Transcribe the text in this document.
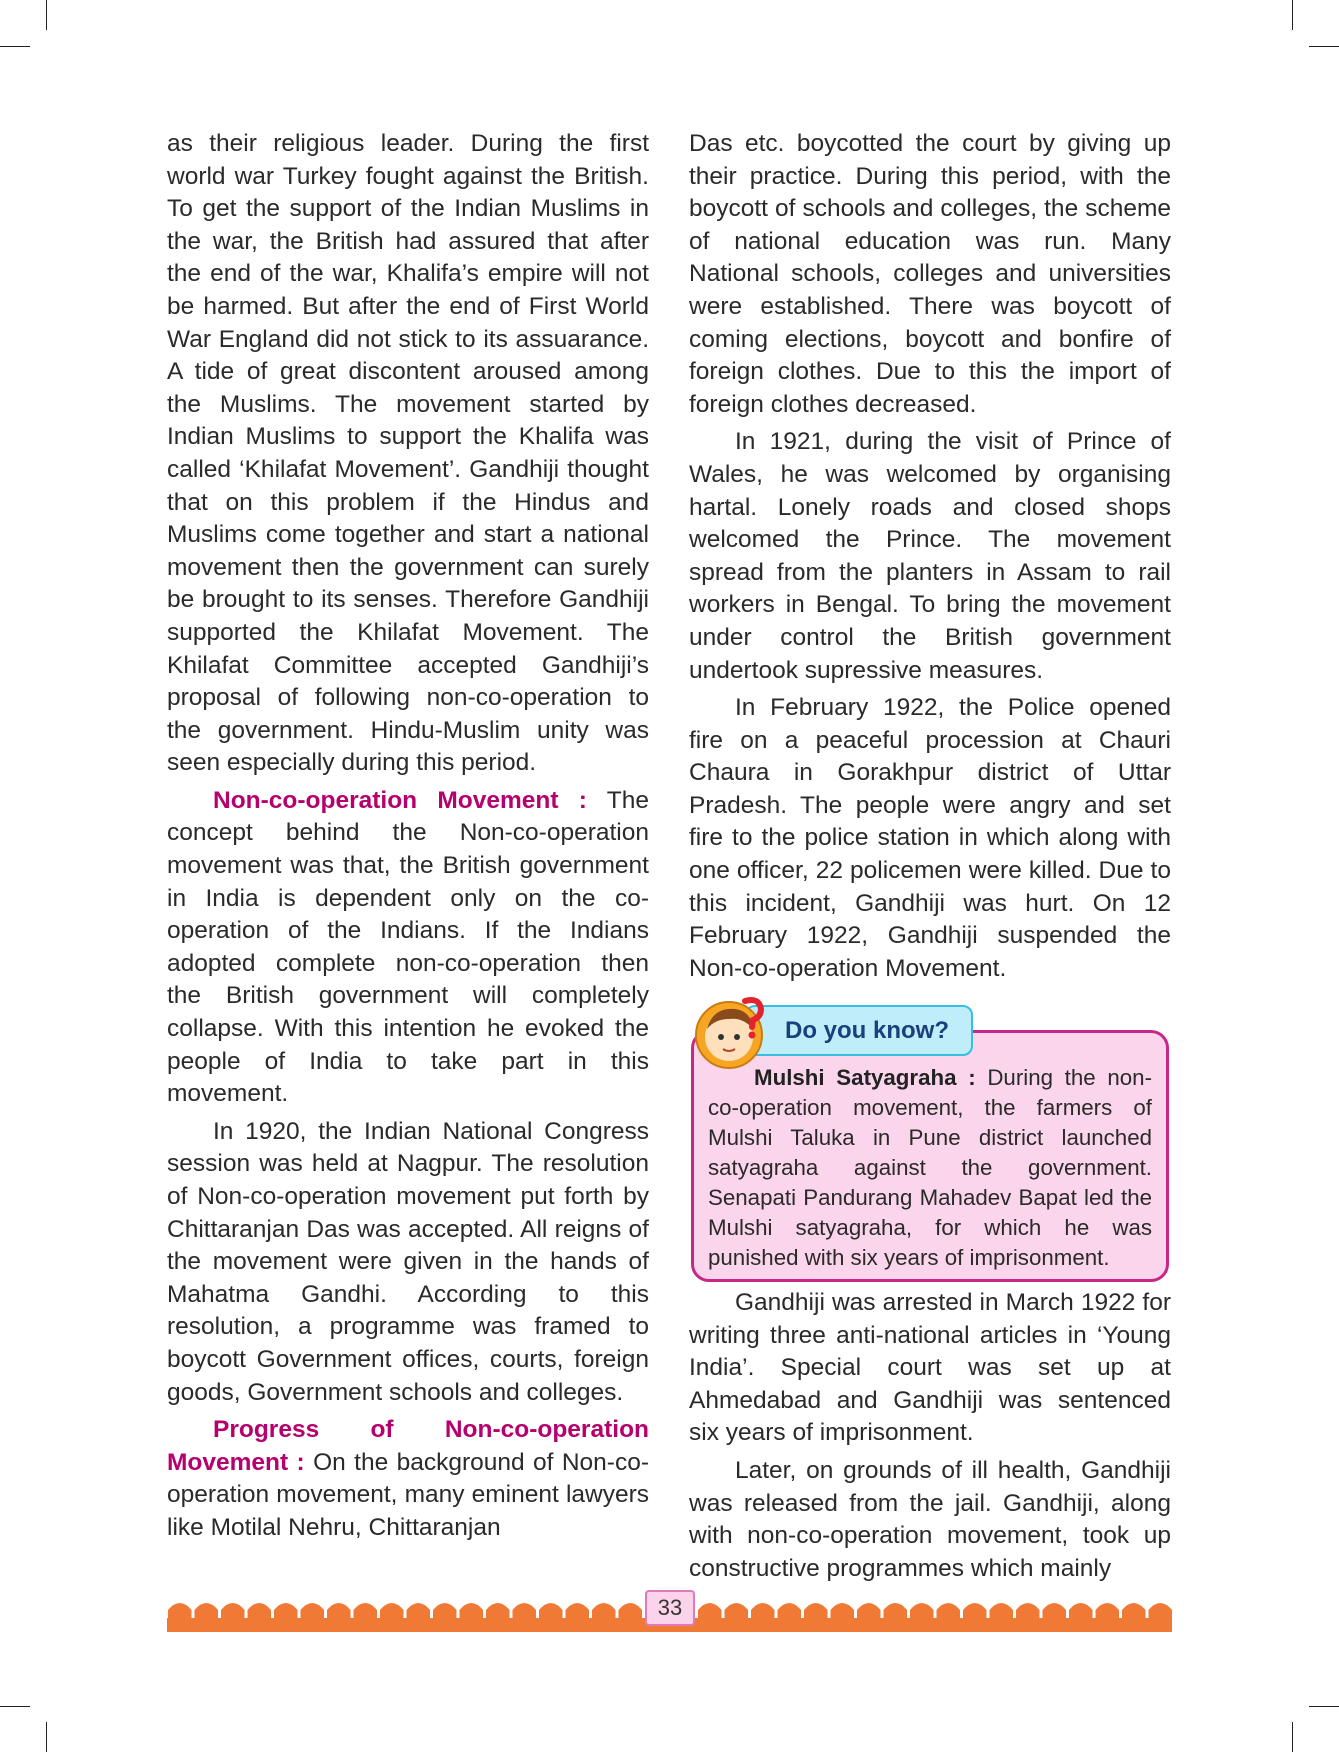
as their religious leader. During the first world war Turkey fought against the British. To get the support of the Indian Muslims in the war, the British had assured that after the end of the war, Khalifa’s empire will not be harmed. But after the end of First World War England did not stick to its assuarance. A tide of great discontent aroused among the Muslims. The movement started by Indian Muslims to support the Khalifa was called ‘Khilafat Movement’. Gandhiji thought that on this problem if the Hindus and Muslims come together and start a national movement then the government can surely be brought to its senses. Therefore Gandhiji supported the Khilafat Movement. The Khilafat Committee accepted Gandhiji’s proposal of following non-co-operation to the government. Hindu-Muslim unity was seen especially during this period.

Non-co-operation Movement : The concept behind the Non-co-operation movement was that, the British government in India is dependent only on the co-operation of the Indians. If the Indians adopted complete non-co-operation then the British government will completely collapse. With this intention he evoked the people of India to take part in this movement.

In 1920, the Indian National Congress session was held at Nagpur. The resolution of Non-co-operation movement put forth by Chittaranjan Das was accepted. All reigns of the movement were given in the hands of Mahatma Gandhi. According to this resolution, a programme was framed to boycott Government offices, courts, foreign goods, Government schools and colleges.

Progress of Non-co-operation Movement : On the background of Non-co-operation movement, many eminent lawyers like Motilal Nehru, Chittaranjan

Das etc. boycotted the court by giving up their practice. During this period, with the boycott of schools and colleges, the scheme of national education was run. Many National schools, colleges and universities were established. There was boycott of coming elections, boycott and bonfire of foreign clothes. Due to this the import of foreign clothes decreased.

In 1921, during the visit of Prince of Wales, he was welcomed by organising hartal. Lonely roads and closed shops welcomed the Prince. The movement spread from the planters in Assam to rail workers in Bengal. To bring the movement under control the British government undertook supressive measures.

In February 1922, the Police opened fire on a peaceful procession at Chauri Chaura in Gorakhpur district of Uttar Pradesh. The people were angry and set fire to the police station in which along with one officer, 22 policemen were killed. Due to this incident, Gandhiji was hurt. On 12 February 1922, Gandhiji suspended the Non-co-operation Movement.

Mulshi Satyagraha : During the non-co-operation movement, the farmers of Mulshi Taluka in Pune district launched satyagraha against the government. Senapati Pandurang Mahadev Bapat led the Mulshi satyagraha, for which he was punished with six years of imprisonment.
Do you know?

Gandhiji was arrested in March 1922 for writing three anti-national articles in ‘Young India’. Special court was set up at Ahmedabad and Gandhiji was sentenced six years of imprisonment.

Later, on grounds of ill health, Gandhiji was released from the jail. Gandhiji, along with non-co-operation movement, took up constructive programmes which mainly

33
